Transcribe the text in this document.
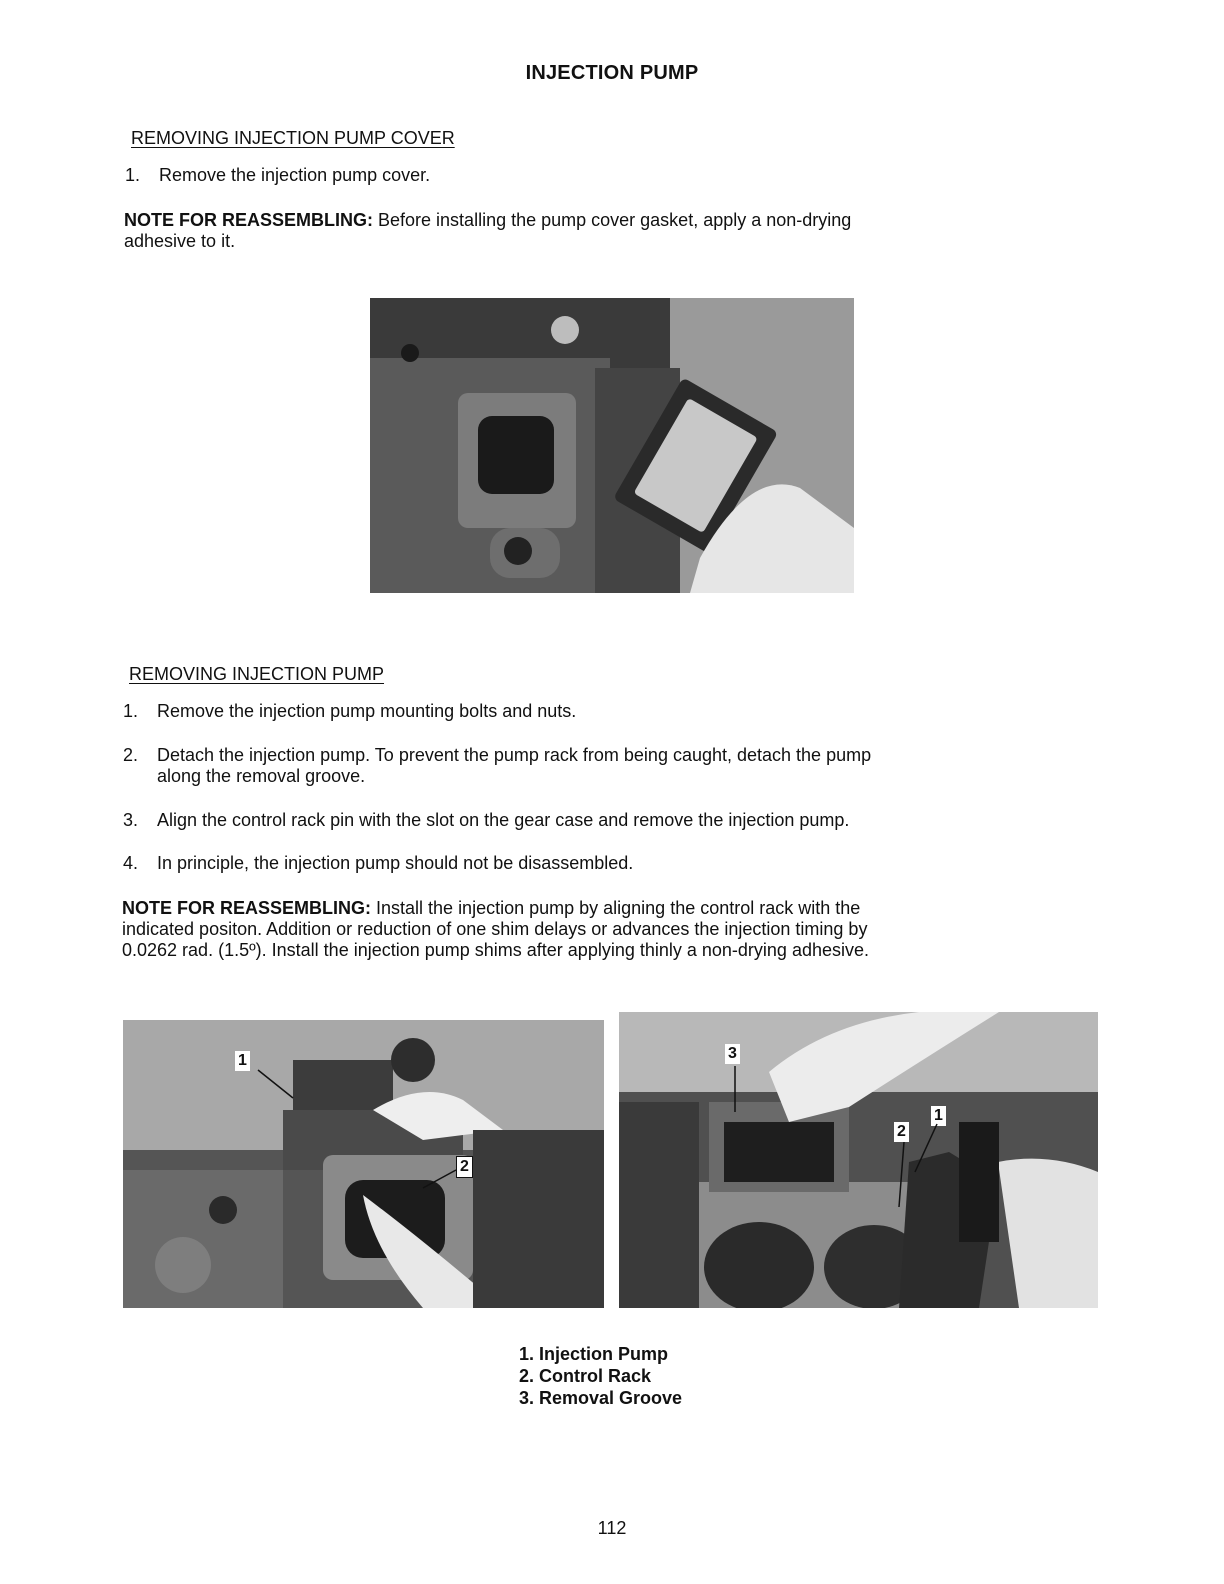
INJECTION PUMP
REMOVING INJECTION PUMP COVER
1.	Remove the injection pump cover.
NOTE FOR REASSEMBLING: Before installing the pump cover gasket, apply a non-drying
adhesive to it.
REMOVING INJECTION PUMP
1.	Remove the injection pump mounting bolts and nuts.
2.	Detach the injection pump. To prevent the pump rack from being caught, detach the pump
along the removal groove.
3.	Align the control rack pin with the slot on the gear case and remove the injection pump.
4.	In principle, the injection pump should not be disassembled.
NOTE FOR REASSEMBLING: Install the injection pump by aligning the control rack with the
indicated positon. Addition or reduction of one shim delays or advances the injection timing by
0.0262 rad. (1.5º). Install the injection pump shims after applying thinly a non-drying adhesive.
1
2
3
1
2
1. Injection Pump
2. Control Rack
3. Removal Groove
112
